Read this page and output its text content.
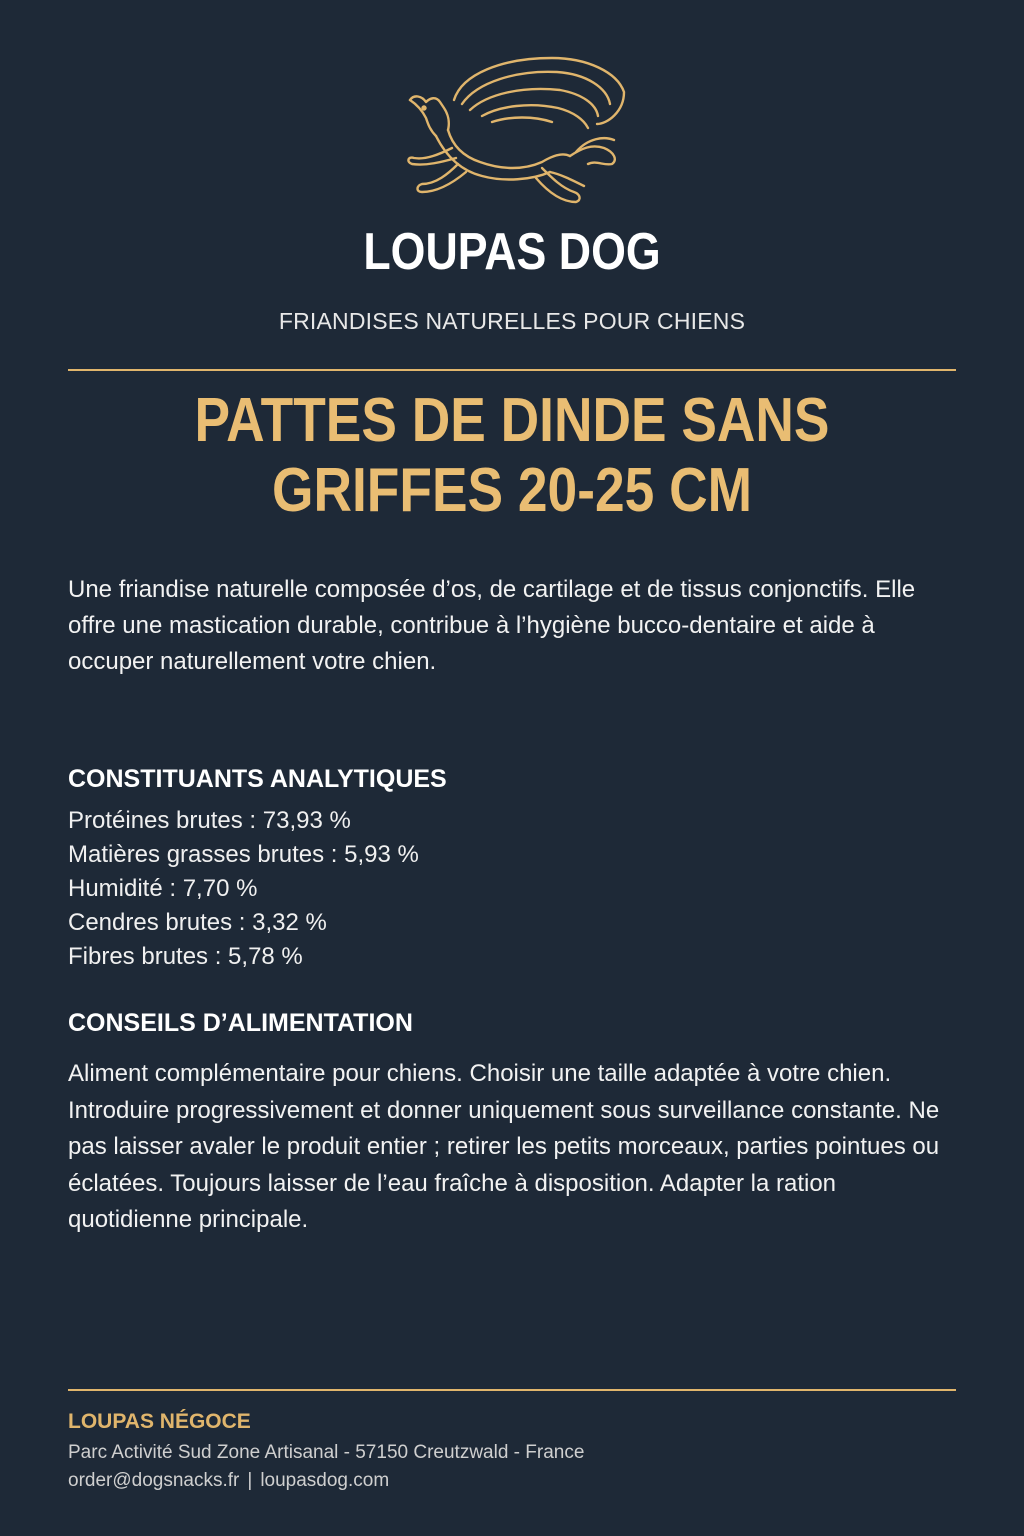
LOUPAS DOG
FRIANDISES NATURELLES POUR CHIENS
PATTES DE DINDE SANS
GRIFFES 20-25 CM

Une friandise naturelle composée d’os, de cartilage et de tissus conjonctifs. Elle offre une mastication durable, contribue à l’hygiène bucco-dentaire et aide à occuper naturellement votre chien.

CONSTITUANTS ANALYTIQUES
Protéines brutes : 73,93 %
Matières grasses brutes : 5,93 %
Humidité : 7,70 %
Cendres brutes : 3,32 %
Fibres brutes : 5,78 %
CONSEILS D’ALIMENTATION

Aliment complémentaire pour chiens. Choisir une taille adaptée à votre chien. Introduire progressivement et donner uniquement sous surveillance constante. Ne pas laisser avaler le produit entier ; retirer les petits morceaux, parties pointues ou éclatées. Toujours laisser de l’eau fraîche à disposition. Adapter la ration quotidienne principale.

LOUPAS NÉGOCE
Parc Activité Sud Zone Artisanal - 57150 Creutzwald - France
order@dogsnacks.fr | loupasdog.com
